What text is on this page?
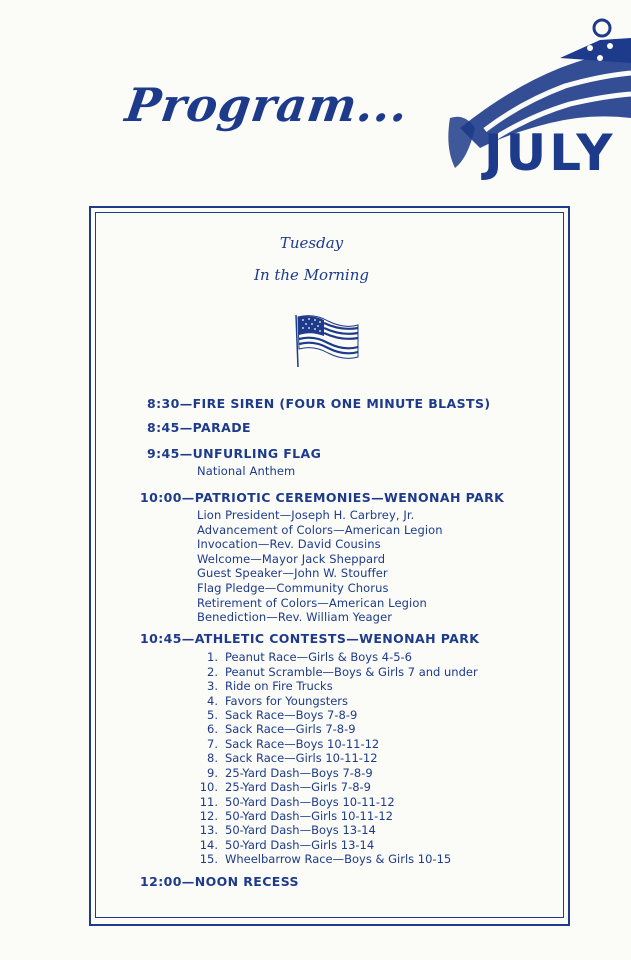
Program...
JULY
Tuesday
In the Morning
8:30—FIRE SIREN (FOUR ONE MINUTE BLASTS)
8:45—PARADE
9:45—UNFURLING FLAG
National Anthem
10:00—PATRIOTIC CEREMONIES—WENONAH PARK
Lion President—Joseph H. Carbrey, Jr.
Advancement of Colors—American Legion
Invocation—Rev. David Cousins
Welcome—Mayor Jack Sheppard
Guest Speaker—John W. Stouffer
Flag Pledge—Community Chorus
Retirement of Colors—American Legion
Benediction—Rev. William Yeager
10:45—ATHLETIC CONTESTS—WENONAH PARK
1. Peanut Race—Girls & Boys 4-5-6
2. Peanut Scramble—Boys & Girls 7 and under
3. Ride on Fire Trucks
4. Favors for Youngsters
5. Sack Race—Boys 7-8-9
6. Sack Race—Girls 7-8-9
7. Sack Race—Boys 10-11-12
8. Sack Race—Girls 10-11-12
9. 25-Yard Dash—Boys 7-8-9
10. 25-Yard Dash—Girls 7-8-9
11. 50-Yard Dash—Boys 10-11-12
12. 50-Yard Dash—Girls 10-11-12
13. 50-Yard Dash—Boys 13-14
14. 50-Yard Dash—Girls 13-14
15. Wheelbarrow Race—Boys & Girls 10-15
12:00—NOON RECESS
